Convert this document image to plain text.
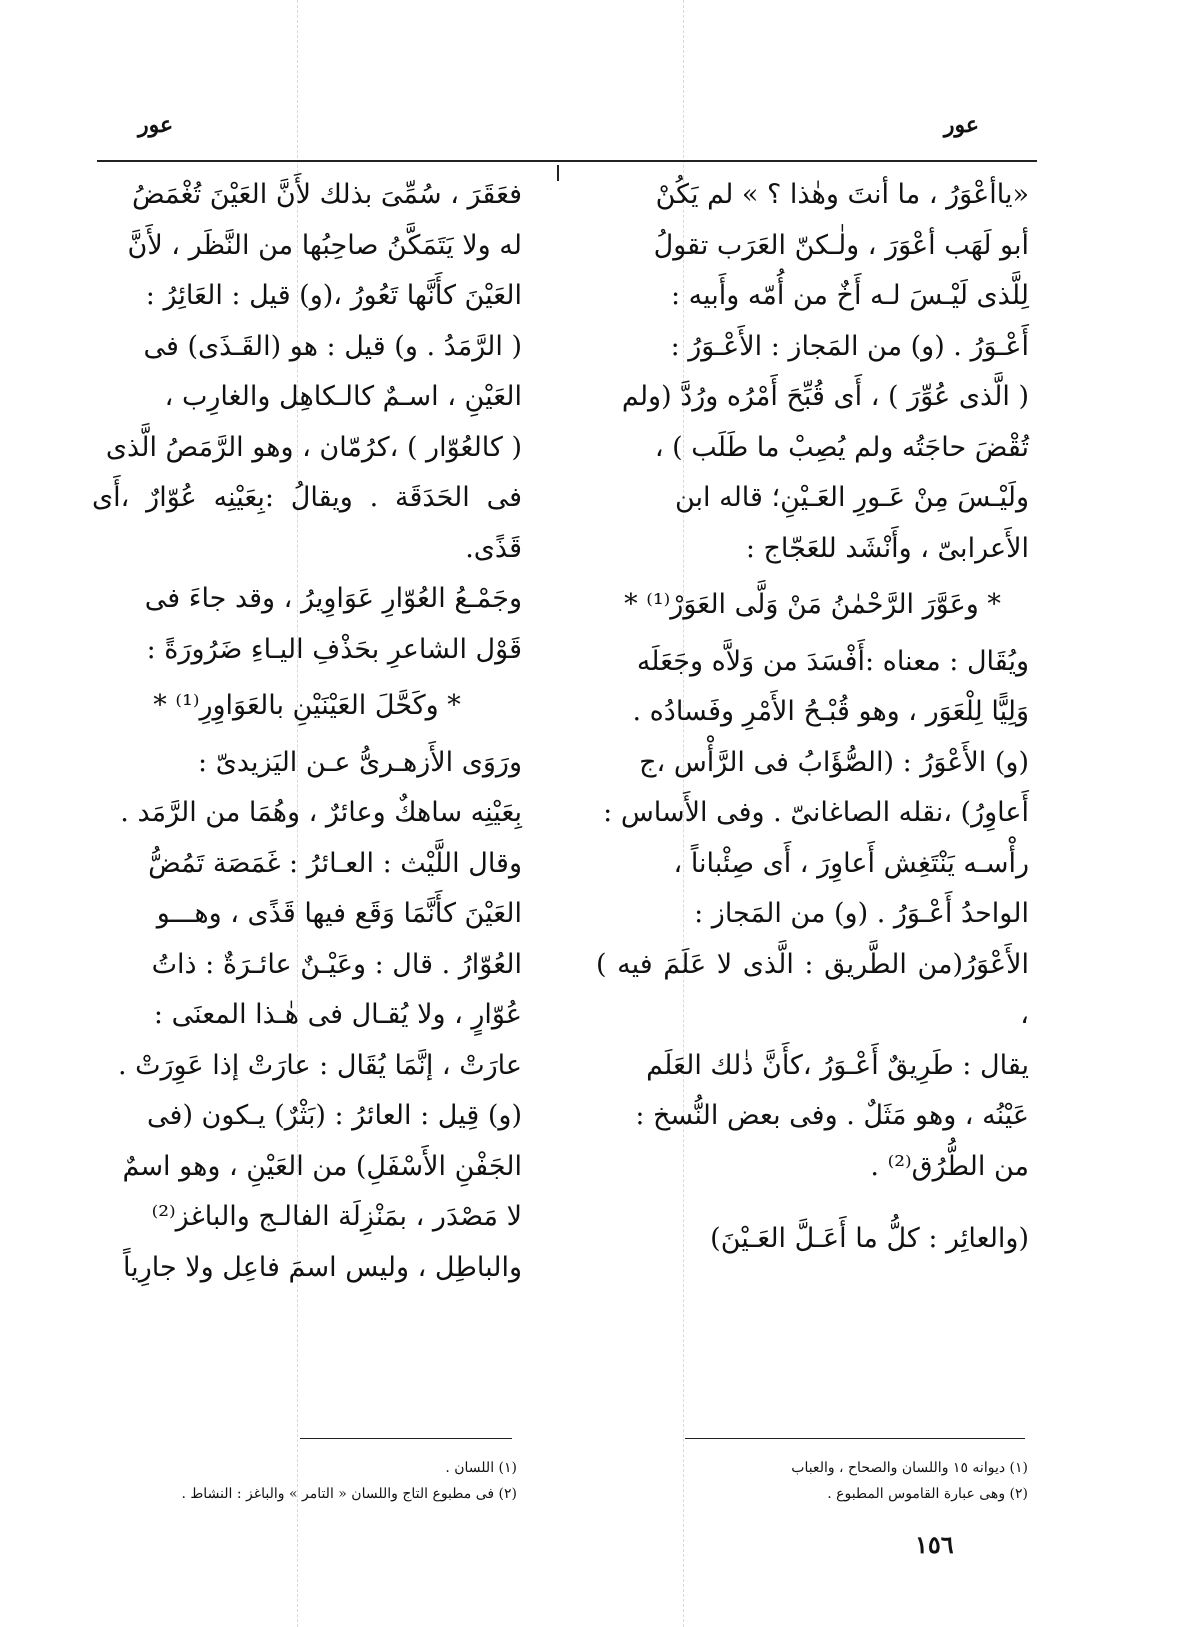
عور
عور

«ياأعْوَرُ ، ما أنتَ وهٰذا ؟ » لم يَكُنْ

أبو لَهَب أعْوَرَ ، ولٰـكنّ العَرَب تقولُ

لِلَّذى لَيْـسَ لـه أَخٌ من أُمّه وأَبيه :

أَعْـوَرُ . (و) من المَجاز : الأَعْـوَرُ :

( الَّذى عُوِّرَ ) ، أَى قُبِّحَ أَمْرُه ورُدَّ (ولم

تُقْضَ حاجَتُه ولم يُصِبْ ما طَلَب ) ،

ولَيْـسَ مِنْ عَـورِ العَـيْنِ؛ قاله ابن

الأَعرابىّ ، وأَنْشَد للعَجّاج :

* وعَوَّرَ الرَّحْمٰنُ مَنْ وَلَّى العَوَرْ⁽¹⁾ *

ويُقَال : معناه :أَفْسَدَ من وَلاَّه وجَعَلَه

وَلِيًّا لِلْعَوَر ، وهو قُبْـحُ الأَمْرِ وفَسادُه .

(و) الأَعْوَرُ : (الصُّؤَابُ فى الرَّأْس ،ج

أَعاوِرُ) ،نقله الصاغانىّ . وفى الأَساس :

رأْسـه يَنْتَغِش أَعاوِرَ ، أَى صِئْباناً ،

الواحدُ أَعْـوَرُ . (و) من المَجاز :

الأَعْوَرُ(من الطَّريق : الَّذى لا عَلَمَ فيه ) ،

يقال : طَرِيقٌ أَعْـوَرُ ،كأَنَّ ذٰلك العَلَم

عَيْنُه ، وهو مَثَلٌ . وفى بعض النُّسخ :

من الطُّرُق⁽²⁾ .

(والعائِر : كلُّ ما أَعَـلَّ العَـيْنَ)

فعَقَرَ ، سُمِّىَ بذلك لأَنَّ العَيْنَ تُغْمَضُ

له ولا يَتَمَكَّنُ صاحِبُها من النَّظَر ، لأَنَّ

العَيْنَ كأَنَّها تَعُورُ ،(و) قيل : العَائِرُ :

( الرَّمَدُ . و) قيل : هو (القَـذَى) فى

العَيْنِ ، اسـمٌ كالـكاهِل والغارِب ،

( كالعُوّار ) ،كرُمّان ، وهو الرَّمَصُ الَّذى

فى الحَدَقَة . ويقالُ :بِعَيْنِه عُوّارٌ ،أَى قَذًى.

وجَمْـعُ العُوّارِ عَوَاوِيرُ ، وقد جاءَ فى

قَوْل الشاعرِ بحَذْفِ اليـاءِ ضَرُورَةً :

* وكَحَّلَ العَيْنَيْنِ بالعَوَاوِرِ⁽¹⁾ *

ورَوَى الأَزهـرىُّ عـن اليَزيدىّ :

بِعَيْنِه ساهكٌ وعائرٌ ، وهُمَا من الرَّمَد .

وقال اللَّيْث : العـائرُ : غَمَصَة تَمُضُّ

العَيْنَ كأَنَّمَا وَقَع فيها قَذًى ، وهـــو

العُوّارُ . قال : وعَيْـنٌ عائـرَةٌ : ذاتُ

عُوّارٍ ، ولا يُقـال فى هٰـذا المعنَى :

عارَتْ ، إنَّمَا يُقَال : عارَتْ إذا عَوِرَتْ .

(و) قِيل : العائرُ : (بَثْرٌ) يـكون (فى

الجَفْنِ الأَسْفَلِ) من العَيْنِ ، وهو اسمٌ

لا مَصْدَر ، بمَنْزِلَة الفالـج والباغز⁽²⁾

والباطِل ، وليس اسمَ فاعِل ولا جارِياً

(١) ديوانه ١٥ واللسان والصحاح ، والعباب
(٢) وهى عبارة القاموس المطبوع .
(١) اللسان .
(٢) فى مطبوع التاج واللسان « التامر » والباغز : النشاط .
١٥٦
